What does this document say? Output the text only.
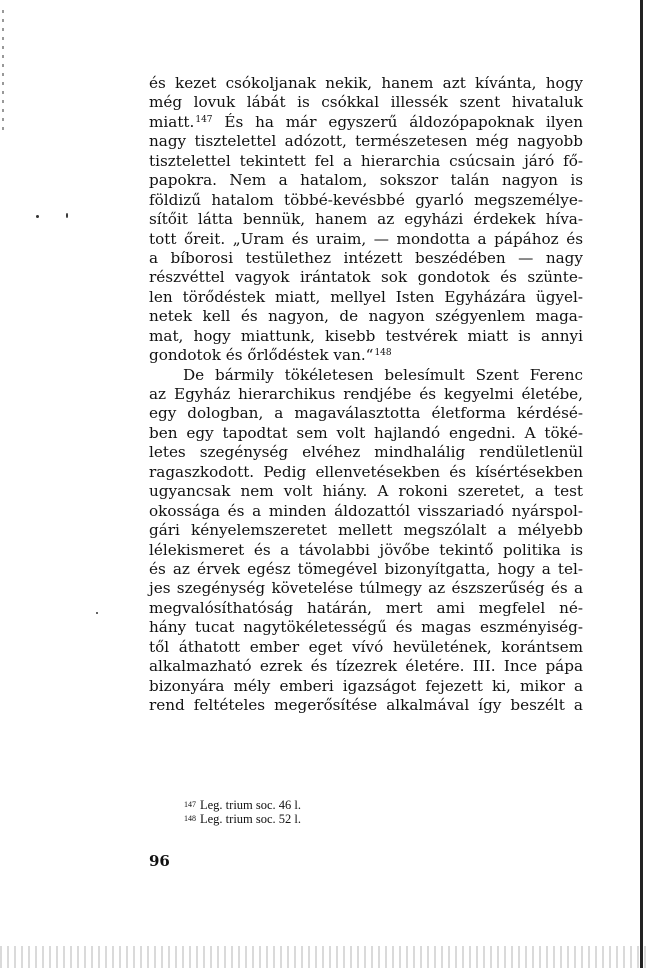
és kezet csókoljanak nekik, hanem azt kívánta, hogy
még lovuk lábát is csókkal illessék szent hivataluk
miatt.$^{147}$ És ha már egyszerű áldozópapoknak ilyen
nagy tisztelettel adózott, természetesen még nagyobb
tisztelettel tekintett fel a hierarchia csúcsain járó fő-
papokra. Nem a hatalom, sokszor talán nagyon is
földizű hatalom többé-kevésbbé gyarló megszemélye-
sítőit látta bennük, hanem az egyházi érdekek híva-
tott őreit. „Uram és uraim, — mondotta a pápához és
a bíborosi testülethez intézett beszédében — nagy
részvéttel vagyok irántatok sok gondotok és szünte-
len törődéstek miatt, mellyel Isten Egyházára ügyel-
netek kell és nagyon, de nagyon szégyenlem maga-
mat, hogy miattunk, kisebb testvérek miatt is annyi
gondotok és őrlődéstek van.“$^{148}$
De bármily tökéletesen belesímult Szent Ferenc
az Egyház hierarchikus rendjébe és kegyelmi életébe,
egy dologban, a magaválasztotta életforma kérdésé-
ben egy tapodtat sem volt hajlandó engedni. A töké-
letes szegénység elvéhez mindhalálig rendületlenül
ragaszkodott. Pedig ellenvetésekben és kísértésekben
ugyancsak nem volt hiány. A rokoni szeretet, a test
okossága és a minden áldozattól visszariadó nyárspol-
gári kényelemszeretet mellett megszólalt a mélyebb
lélekismeret és a távolabbi jövőbe tekintő politika is
és az érvek egész tömegével bizonyítgatta, hogy a tel-
jes szegénység követelése túlmegy az észszerűség és a
megvalósíthatóság határán, mert ami megfelel né-
hány tucat nagytökéletességű és magas eszményiség-
től áthatott ember eget vívó hevületének, korántsem
alkalmazható ezrek és tízezrek életére. III. Ince pápa
bizonyára mély emberi igazságot fejezett ki, mikor a
rend feltételes megerősítése alkalmával így beszélt a
$^{147}$ Leg. trium soc. 46 l.
$^{148}$ Leg. trium soc. 52 l.
96
